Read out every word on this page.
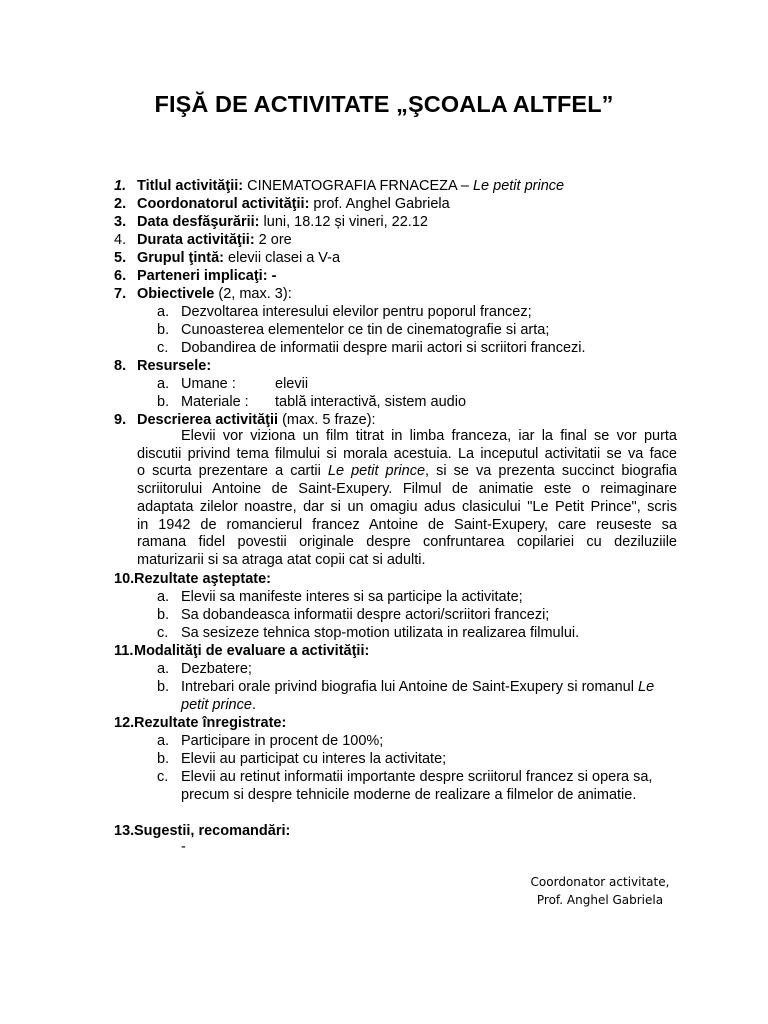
FIŞĂ DE ACTIVITATE „ŞCOALA ALTFEL”
1. Titlul activităţii: CINEMATOGRAFIA FRNACEZA – Le petit prince
2. Coordonatorul activităţii: prof. Anghel Gabriela
3. Data desfăşurării: luni, 18.12 și vineri, 22.12
4. Durata activităţii: 2 ore
5. Grupul ţintă: elevii clasei a V-a
6. Parteneri implicaţi: -
7. Obiectivele (2, max. 3):
a. Dezvoltarea interesului elevilor pentru poporul francez;
b. Cunoasterea elementelor ce tin de cinematografie si arta;
c. Dobandirea de informatii despre marii actori si scriitori francezi.
8. Resursele:
a. Umane :	elevii
b. Materiale : tablă interactivă, sistem audio
9. Descrierea activităţii (max. 5 fraze):
Elevii vor viziona un film titrat in limba franceza, iar la final se vor purta
discutii privind tema filmului si morala acestuia. La inceputul activitatii se va face
o scurta prezentare a cartii Le petit prince, si se va prezenta succinct biografia
scriitorului Antoine de Saint-Exupery. Filmul de animatie este o reimaginare
adaptata zilelor noastre, dar si un omagiu adus clasicului "Le Petit Prince", scris
in 1942 de romancierul francez Antoine de Saint-Exupery, care reuseste sa
ramana fidel povestii originale despre confruntarea copilariei cu deziluziile
maturizarii si sa atraga atat copii cat si adulti.
10. Rezultate aşteptate:
a. Elevii sa manifeste interes si sa participe la activitate;
b. Sa dobandeasca informatii despre actori/scriitori francezi;
c. Sa sesizeze tehnica stop-motion utilizata in realizarea filmului.
11. Modalităţi de evaluare a activităţii:
a. Dezbatere;
b. Intrebari orale privind biografia lui Antoine de Saint-Exupery si romanul Le
petit prince.
12. Rezultate înregistrate:
a. Participare in procent de 100%;
b. Elevii au participat cu interes la activitate;
c. Elevii au retinut informatii importante despre scriitorul francez si opera sa,
precum si despre tehnicile moderne de realizare a filmelor de animatie.
13. Sugestii, recomandări:
-
Coordonator activitate,
Prof. Anghel Gabriela
